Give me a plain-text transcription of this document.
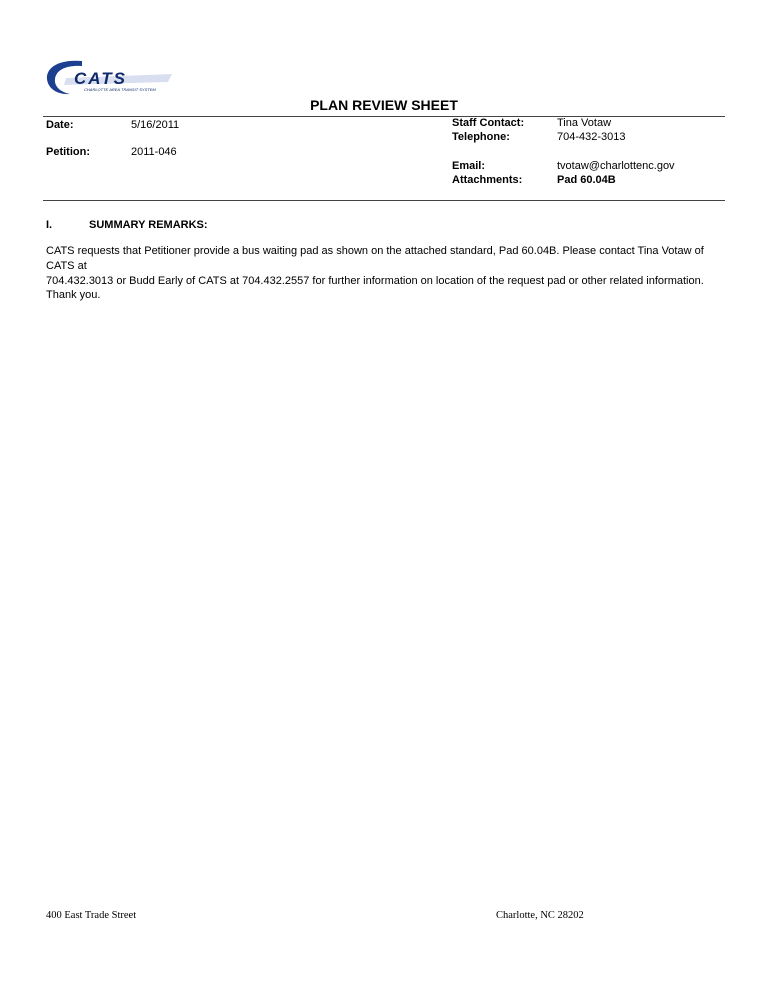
CATS
CHARLOTTE AREA TRANSIT SYSTEM
PLAN REVIEW SHEET
Date:	5/16/2011
Petition:	2011-046
Staff Contact:	Tina Votaw
Telephone:	704-432-3013
Email:	tvotaw@charlottenc.gov
Attachments:	Pad 60.04B
I.	SUMMARY REMARKS:
CATS requests that Petitioner provide a bus waiting pad as shown on the attached standard, Pad 60.04B. Please contact Tina Votaw of CATS at
704.432.3013 or Budd Early of CATS at 704.432.2557 for further information on location of the request pad or other related information.
Thank you.
400 East Trade Street	Charlotte, NC 28202
